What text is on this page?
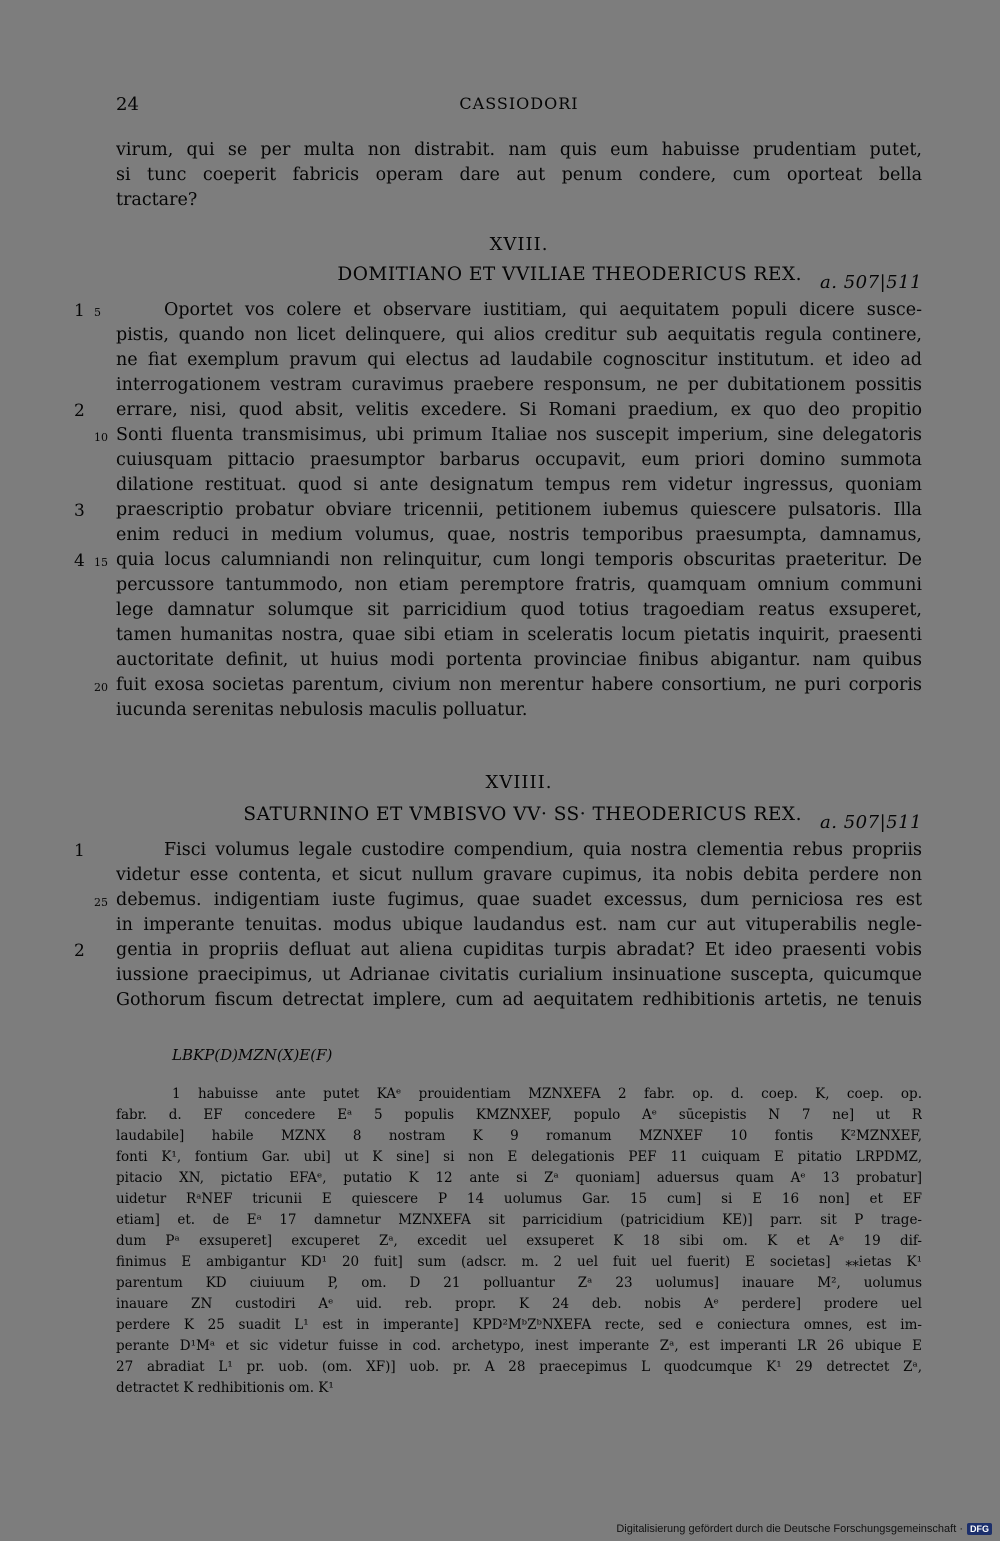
24	CASSIODORI
virum, qui se per multa non distrabit. nam quis eum habuisse prudentiam putet,
si tunc coeperit fabricis operam dare aut penum condere, cum oporteat bella
tractare?
XVIII.
DOMITIANO ET VVILIAE THEODERICUS REX. a. 507|511
Oportet vos colere et observare iustitiam, qui aequitatem populi dicere susce-
pistis, quando non licet delinquere, qui alios creditur sub aequitatis regula continere,
ne fiat exemplum pravum qui electus ad laudabile cognoscitur institutum. et ideo ad
interrogationem vestram curavimus praebere responsum, ne per dubitationem possitis
errare, nisi, quod absit, velitis excedere. Si Romani praedium, ex quo deo propitio
Sonti fluenta transmisimus, ubi primum Italiae nos suscepit imperium, sine delegatoris
cuiusquam pittacio praesumptor barbarus occupavit, eum priori domino summota
dilatione restituat. quod si ante designatum tempus rem videtur ingressus, quoniam
praescriptio probatur obviare tricennii, petitionem iubemus quiescere pulsatoris. Illa
enim reduci in medium volumus, quae, nostris temporibus praesumpta, damnamus,
quia locus calumniandi non relinquitur, cum longi temporis obscuritas praeteritur. De
percussore tantummodo, non etiam peremptore fratris, quamquam omnium communi
lege damnatur solumque sit parricidium quod totius tragoediam reatus exsuperet,
tamen humanitas nostra, quae sibi etiam in sceleratis locum pietatis inquirit, praesenti
auctoritate definit, ut huius modi portenta provinciae finibus abigantur. nam quibus
fuit exosa societas parentum, civium non merentur habere consortium, ne puri corporis
iucunda serenitas nebulosis maculis polluatur.
1 5
2
10
3
4 15
20
XVIIII.
SATURNINO ET VMBISVO VV· SS· THEODERICUS REX. a. 507|511
Fisci volumus legale custodire compendium, quia nostra clementia rebus propriis
videtur esse contenta, et sicut nullum gravare cupimus, ita nobis debita perdere non
debemus. indigentiam iuste fugimus, quae suadet excessus, dum perniciosa res est
in imperante tenuitas. modus ubique laudandus est. nam cur aut vituperabilis negle-
gentia in propriis defluat aut aliena cupiditas turpis abradat? Et ideo praesenti vobis
iussione praecipimus, ut Adrianae civitatis curialium insinuatione suscepta, quicumque
Gothorum fiscum detrectat implere, cum ad aequitatem redhibitionis artetis, ne tenuis
1
25
2
LBKP(D)MZN(X)E(F)
1 habuisse ante putet KAᵉ prouidentiam MZNXEFA 2 fabr. op. d. coep. K, coep. op.
fabr. d. EF concedere Eᵃ 5 populis KMZNXEF, populo Aᵉ sūcepistis N 7 ne] ut R
laudabile] habile MZNX 8 nostram K 9 romanum MZNXEF 10 fontis K²MZNXEF,
fonti K¹, fontium Gar. ubi] ut K sine] si non E delegationis PEF 11 cuiquam E pitatio LRPDMZ,
pitacio XN, pictatio EFAᵉ, putatio K 12 ante si Zᵃ quoniam] aduersus quam Aᵉ 13 probatur]
uidetur RᵃNEF tricunii E quiescere P 14 uolumus Gar. 15 cum] si E 16 non] et EF
etiam] et. de Eᵃ 17 damnetur MZNXEFA sit parricidium (patricidium KE)] parr. sit P trage-
dum Pᵃ exsuperet] excuperet Zᵃ, excedit uel exsuperet K 18 sibi om. K et Aᵉ 19 dif-
finimus E ambigantur KD¹ 20 fuit] sum (adscr. m. 2 uel fuit uel fuerit) E societas] ⁎⁎ietas K¹
parentum KD ciuiuum P, om. D 21 polluantur Zᵃ 23 uolumus] inauare M², uolumus
inauare ZN custodiri Aᵉ uid. reb. propr. K 24 deb. nobis Aᵉ perdere] prodere uel
perdere K 25 suadit L¹ est in imperante] KPD²MᵇZᵇNXEFA recte, sed e coniectura omnes, est im-
perante D¹Mᵃ et sic videtur fuisse in cod. archetypo, inest imperante Zᵃ, est imperanti LR 26 ubique E
27 abradiat L¹ pr. uob. (om. XF)] uob. pr. A 28 praecepimus L quodcumque K¹ 29 detrectet Zᵃ,
detractet K redhibitionis om. K¹
Digitalisierung gefördert durch die Deutsche Forschungsgemeinschaft · DFG
